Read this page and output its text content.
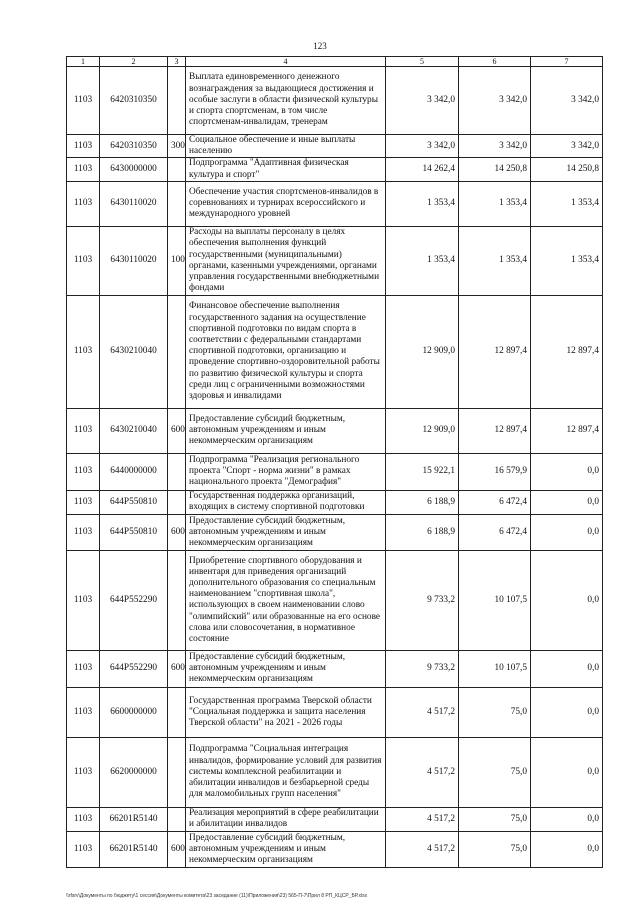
123
1	2	3	4	5	6	7
1103	6420310350		Выплата единовременного денежного вознаграждения за выдающиеся достижения и особые заслуги в области физической культуры и спорта спортсменам, в том числе спортсменам-инвалидам, тренерам	3 342,0	3 342,0	3 342,0
1103	6420310350	300	Социальное обеспечение и иные выплаты населению	3 342,0	3 342,0	3 342,0
1103	6430000000		Подпрограмма "Адаптивная физическая культура и спорт"	14 262,4	14 250,8	14 250,8
1103	6430110020		Обеспечение участия спортсменов-инвалидов в соревнованиях и турнирах всероссийского и международного уровней	1 353,4	1 353,4	1 353,4
1103	6430110020	100	Расходы на выплаты персоналу в целях обеспечения выполнения функций государственными (муниципальными) органами, казенными учреждениями, органами управления государственными внебюджетными фондами	1 353,4	1 353,4	1 353,4
1103	6430210040		Финансовое обеспечение выполнения государственного задания на осуществление спортивной подготовки по видам спорта в соответствии с федеральными стандартами спортивной подготовки, организацию и проведение спортивно-оздоровительной работы по развитию физической культуры и спорта среди лиц с ограниченными возможностями здоровья и инвалидами	12 909,0	12 897,4	12 897,4
1103	6430210040	600	Предоставление субсидий бюджетным, автономным учреждениям и иным некоммерческим организациям	12 909,0	12 897,4	12 897,4
1103	6440000000		Подпрограмма "Реализация регионального проекта "Спорт - норма жизни" в рамках национального проекта "Демография"	15 922,1	16 579,9	0,0
1103	644P550810		Государственная поддержка организаций, входящих в систему спортивной подготовки	6 188,9	6 472,4	0,0
1103	644P550810	600	Предоставление субсидий бюджетным, автономным учреждениям и иным некоммерческим организациям	6 188,9	6 472,4	0,0
1103	644P552290		Приобретение спортивного оборудования и инвентаря для приведения организаций дополнительного образования со специальным наименованием "спортивная школа", использующих в своем наименовании слово "олимпийский" или образованные на его основе слова или словосочетания, в нормативное состояние	9 733,2	10 107,5	0,0
1103	644P552290	600	Предоставление субсидий бюджетным, автономным учреждениям и иным некоммерческим организациям	9 733,2	10 107,5	0,0
1103	6600000000		Государственная программа Тверской области "Социальная поддержка и защита населения Тверской области" на 2021 - 2026 годы	4 517,2	75,0	0,0
1103	6620000000		Подпрограмма "Социальная интеграция инвалидов, формирование условий для развития системы комплексной реабилитации и абилитации инвалидов и безбарьерной среды для маломобильных групп населения"	4 517,2	75,0	0,0
1103	66201R5140		Реализация мероприятий в сфере реабилитации и абилитации инвалидов	4 517,2	75,0	0,0
1103	66201R5140	600	Предоставление субсидий бюджетным, автономным учреждениям и иным некоммерческим организациям	4 517,2	75,0	0,0
\\rfsrv\Документы по бюджету\1 сессия\Документы комитета\23 заседание (11)\Приложения\23) 565-П-7\Прил 8 РП_КЦСР_БР.xlsx
